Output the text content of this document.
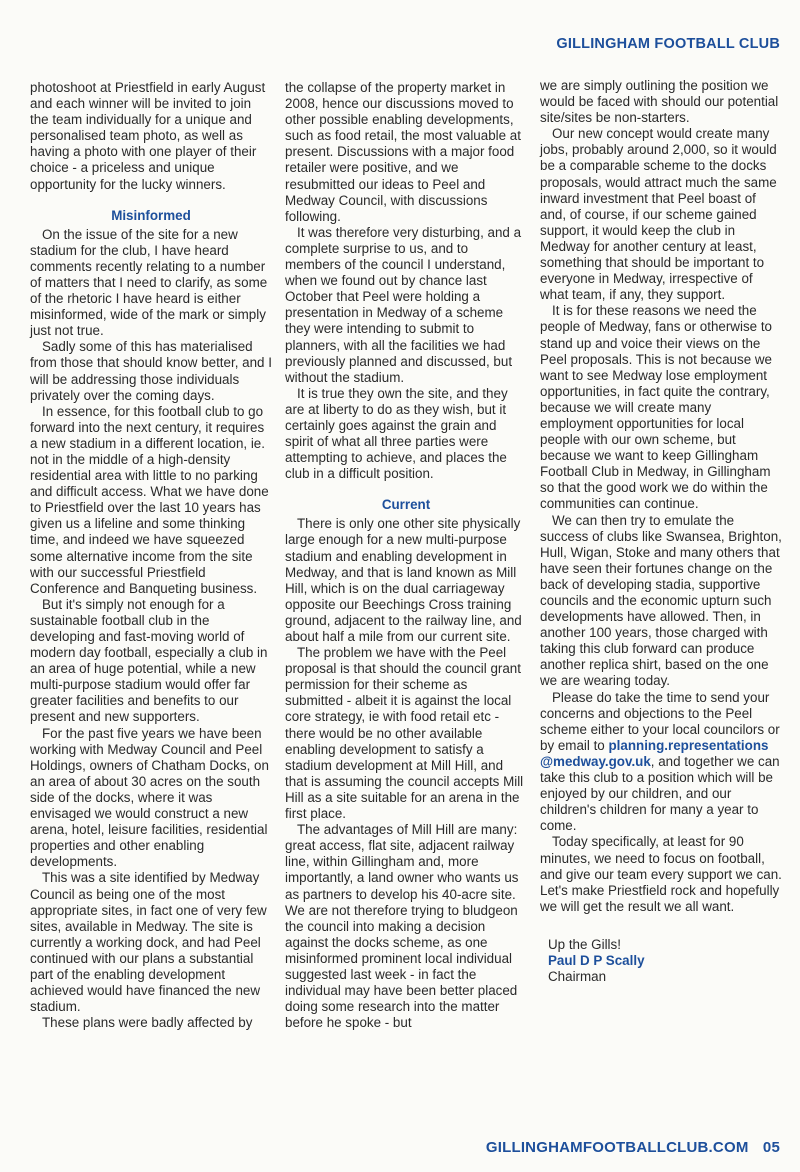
GILLINGHAM FOOTBALL CLUB

photoshoot at Priestfield in early August and each winner will be invited to join the team individually for a unique and personalised team photo, as well as having a photo with one player of their choice - a priceless and unique opportunity for the lucky winners.

Misinformed

On the issue of the site for a new stadium for the club, I have heard comments recently relating to a number of matters that I need to clarify, as some of the rhetoric I have heard is either misinformed, wide of the mark or simply just not true.

Sadly some of this has materialised from those that should know better, and I will be addressing those individuals privately over the coming days.

In essence, for this football club to go forward into the next century, it requires a new stadium in a different location, ie. not in the middle of a high-density residential area with little to no parking and difficult access. What we have done to Priestfield over the last 10 years has given us a lifeline and some thinking time, and indeed we have squeezed some alternative income from the site with our successful Priestfield Conference and Banqueting business.

But it's simply not enough for a sustainable football club in the developing and fast-moving world of modern day football, especially a club in an area of huge potential, while a new multi-purpose stadium would offer far greater facilities and benefits to our present and new supporters.

For the past five years we have been working with Medway Council and Peel Holdings, owners of Chatham Docks, on an area of about 30 acres on the south side of the docks, where it was envisaged we would construct a new arena, hotel, leisure facilities, residential properties and other enabling developments.

This was a site identified by Medway Council as being one of the most appropriate sites, in fact one of very few sites, available in Medway. The site is currently a working dock, and had Peel continued with our plans a substantial part of the enabling development achieved would have financed the new stadium.

These plans were badly affected by

the collapse of the property market in 2008, hence our discussions moved to other possible enabling developments, such as food retail, the most valuable at present. Discussions with a major food retailer were positive, and we resubmitted our ideas to Peel and Medway Council, with discussions following.

It was therefore very disturbing, and a complete surprise to us, and to members of the council I understand, when we found out by chance last October that Peel were holding a presentation in Medway of a scheme they were intending to submit to planners, with all the facilities we had previously planned and discussed, but without the stadium.

It is true they own the site, and they are at liberty to do as they wish, but it certainly goes against the grain and spirit of what all three parties were attempting to achieve, and places the club in a difficult position.

Current

There is only one other site physically large enough for a new multi-purpose stadium and enabling development in Medway, and that is land known as Mill Hill, which is on the dual carriageway opposite our Beechings Cross training ground, adjacent to the railway line, and about half a mile from our current site.

The problem we have with the Peel proposal is that should the council grant permission for their scheme as submitted - albeit it is against the local core strategy, ie with food retail etc - there would be no other available enabling development to satisfy a stadium development at Mill Hill, and that is assuming the council accepts Mill Hill as a site suitable for an arena in the first place.

The advantages of Mill Hill are many: great access, flat site, adjacent railway line, within Gillingham and, more importantly, a land owner who wants us as partners to develop his 40-acre site. We are not therefore trying to bludgeon the council into making a decision against the docks scheme, as one misinformed prominent local individual suggested last week - in fact the individual may have been better placed doing some research into the matter before he spoke - but

we are simply outlining the position we would be faced with should our potential site/sites be non-starters.

Our new concept would create many jobs, probably around 2,000, so it would be a comparable scheme to the docks proposals, would attract much the same inward investment that Peel boast of and, of course, if our scheme gained support, it would keep the club in Medway for another century at least, something that should be important to everyone in Medway, irrespective of what team, if any, they support.

It is for these reasons we need the people of Medway, fans or otherwise to stand up and voice their views on the Peel proposals. This is not because we want to see Medway lose employment opportunities, in fact quite the contrary, because we will create many employment opportunities for local people with our own scheme, but because we want to keep Gillingham Football Club in Medway, in Gillingham so that the good work we do within the communities can continue.

We can then try to emulate the success of clubs like Swansea, Brighton, Hull, Wigan, Stoke and many others that have seen their fortunes change on the back of developing stadia, supportive councils and the economic upturn such developments have allowed. Then, in another 100 years, those charged with taking this club forward can produce another replica shirt, based on the one we are wearing today.

Please do take the time to send your concerns and objections to the Peel scheme either to your local councilors or by email to planning.representations @medway.gov.uk, and together we can take this club to a position which will be enjoyed by our children, and our children's children for many a year to come.

Today specifically, at least for 90 minutes, we need to focus on football, and give our team every support we can. Let's make Priestfield rock and hopefully we will get the result we all want.

Up the Gills!
Paul D P Scally
Chairman
GILLINGHAMFOOTBALLCLUB.COM 05
